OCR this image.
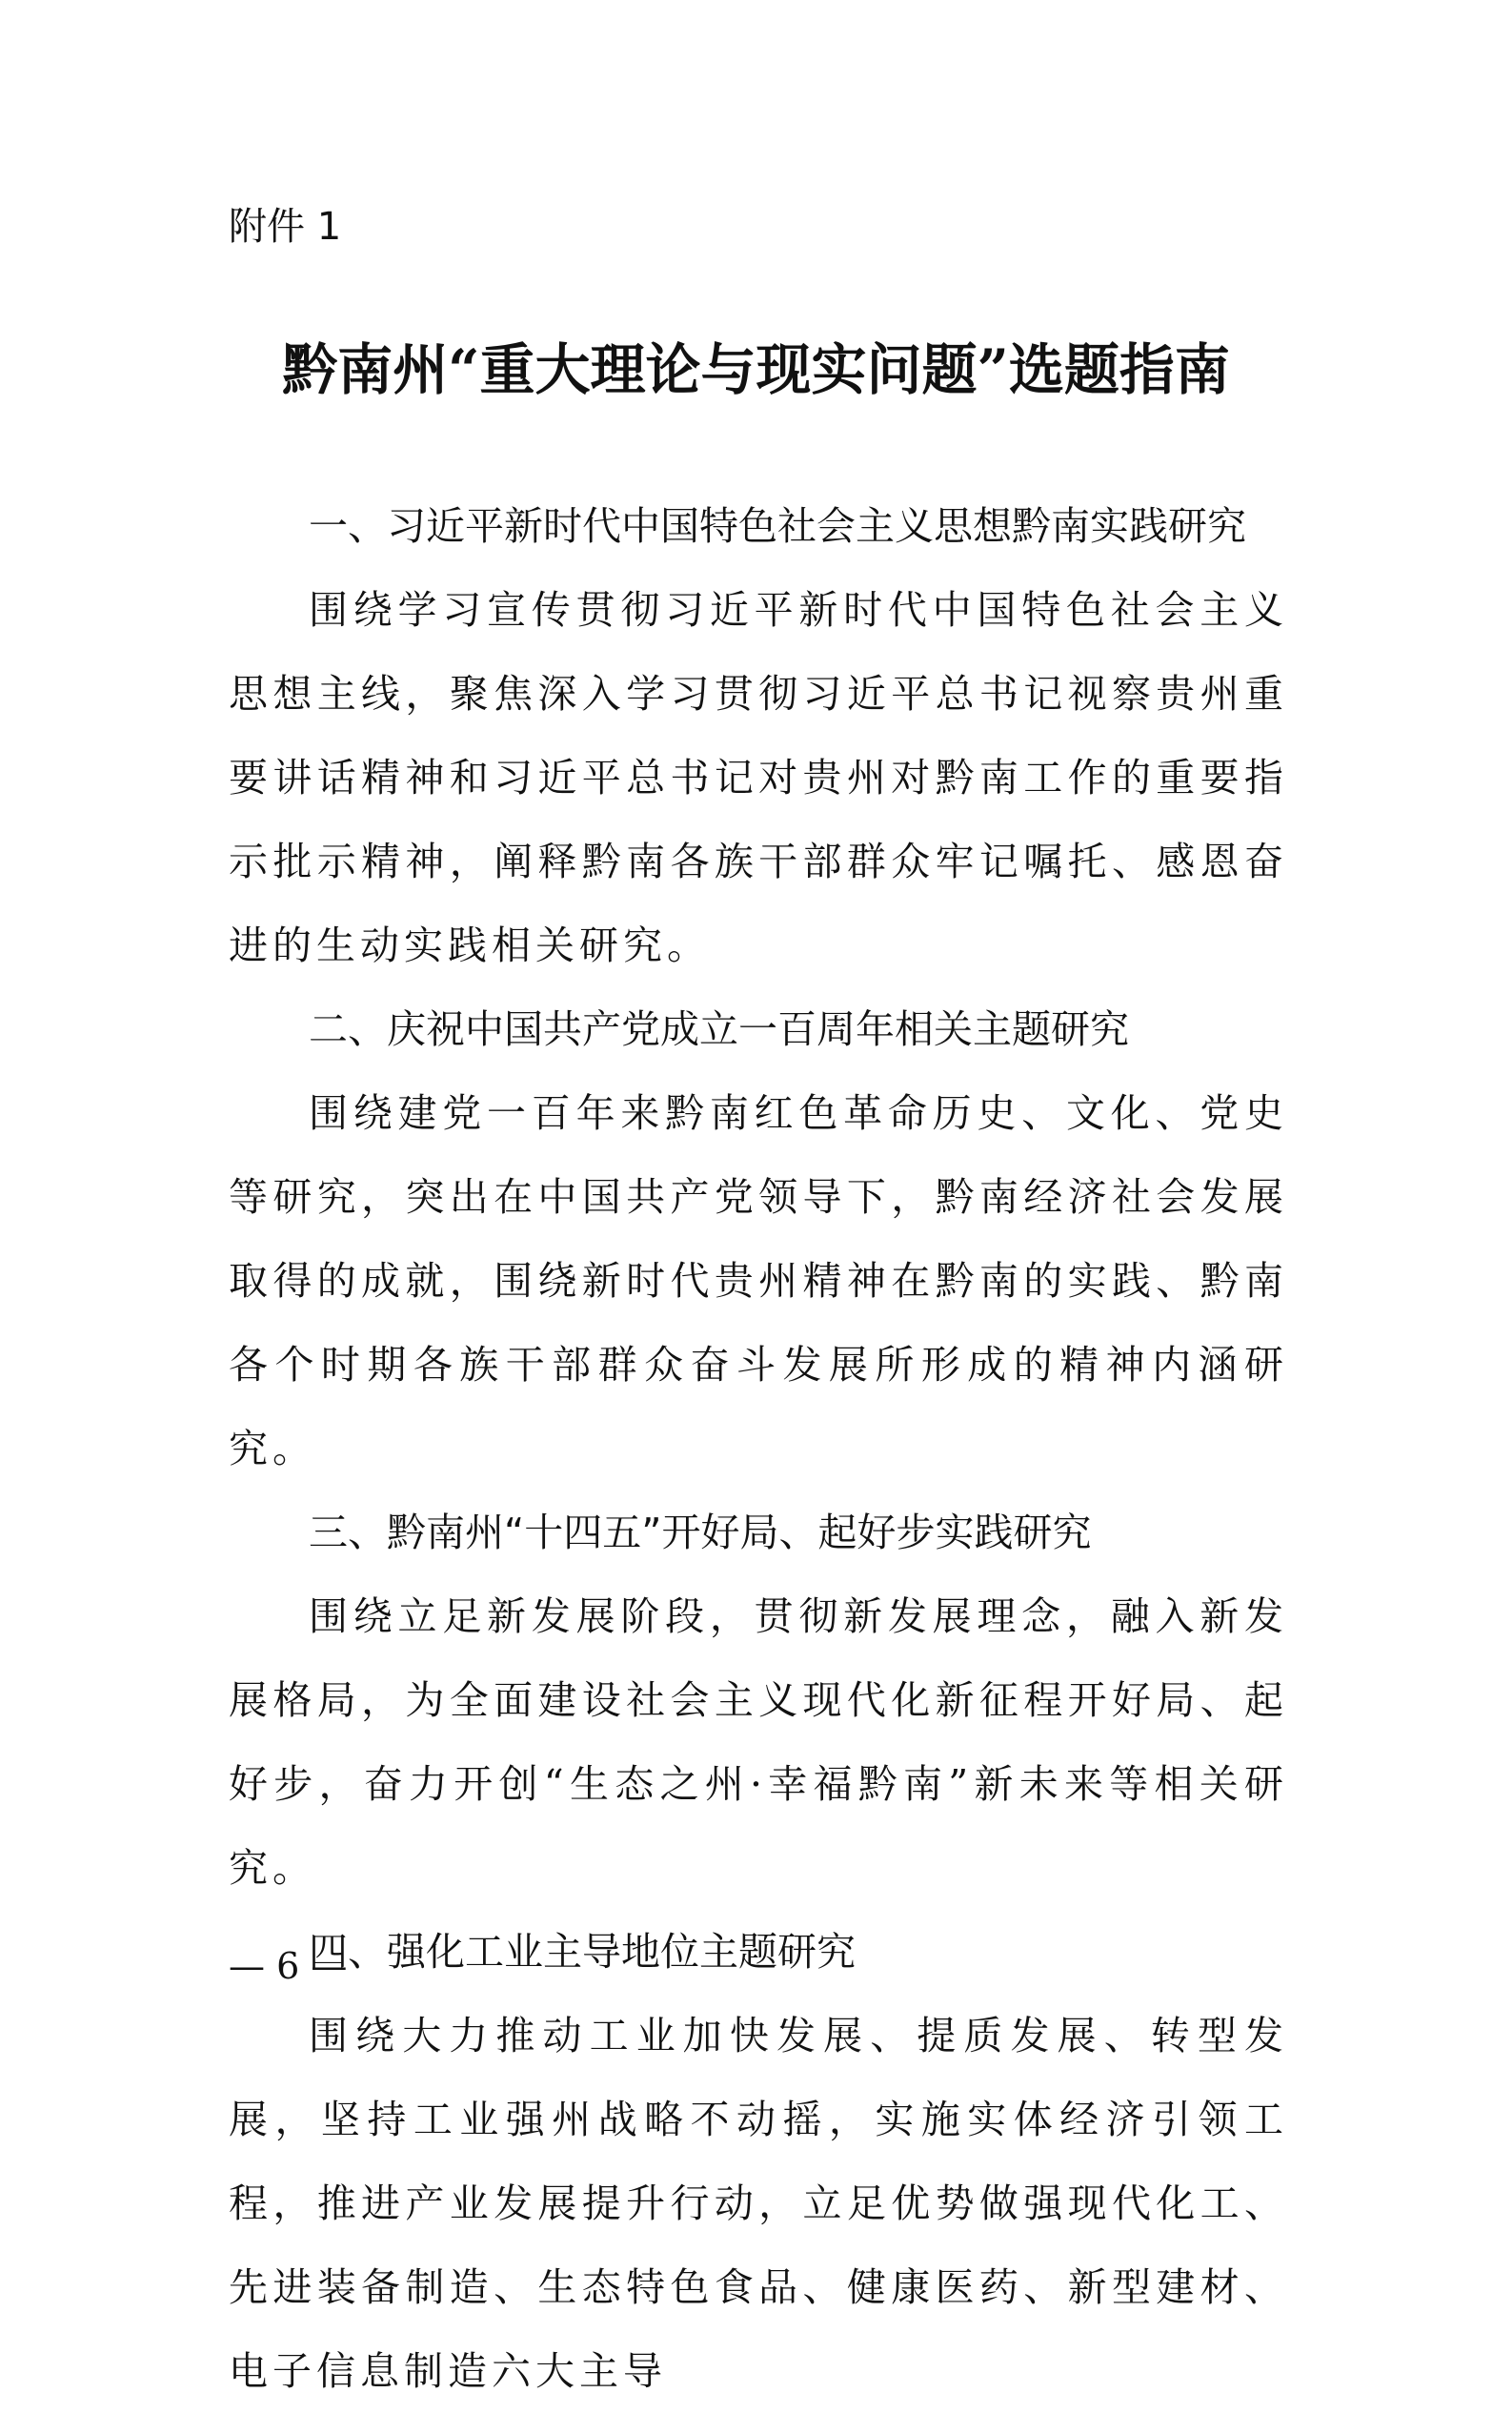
附件 1
黔南州“重大理论与现实问题”选题指南
一、习近平新时代中国特色社会主义思想黔南实践研究

围绕学习宣传贯彻习近平新时代中国特色社会主义思想主线，聚焦深入学习贯彻习近平总书记视察贵州重要讲话精神和习近平总书记对贵州对黔南工作的重要指示批示精神，阐释黔南各族干部群众牢记嘱托、感恩奋进的生动实践相关研究。

二、庆祝中国共产党成立一百周年相关主题研究

围绕建党一百年来黔南红色革命历史、文化、党史等研究，突出在中国共产党领导下，黔南经济社会发展取得的成就，围绕新时代贵州精神在黔南的实践、黔南各个时期各族干部群众奋斗发展所形成的精神内涵研究。

三、黔南州“十四五”开好局、起好步实践研究

围绕立足新发展阶段，贯彻新发展理念，融入新发展格局，为全面建设社会主义现代化新征程开好局、起好步，奋力开创“生态之州·幸福黔南”新未来等相关研究。

四、强化工业主导地位主题研究

围绕大力推动工业加快发展、提质发展、转型发展，坚持工业强州战略不动摇，实施实体经济引领工程，推进产业发展提升行动，立足优势做强现代化工、先进装备制造、生态特色食品、健康医药、新型建材、电子信息制造六大主导

— 6 —
